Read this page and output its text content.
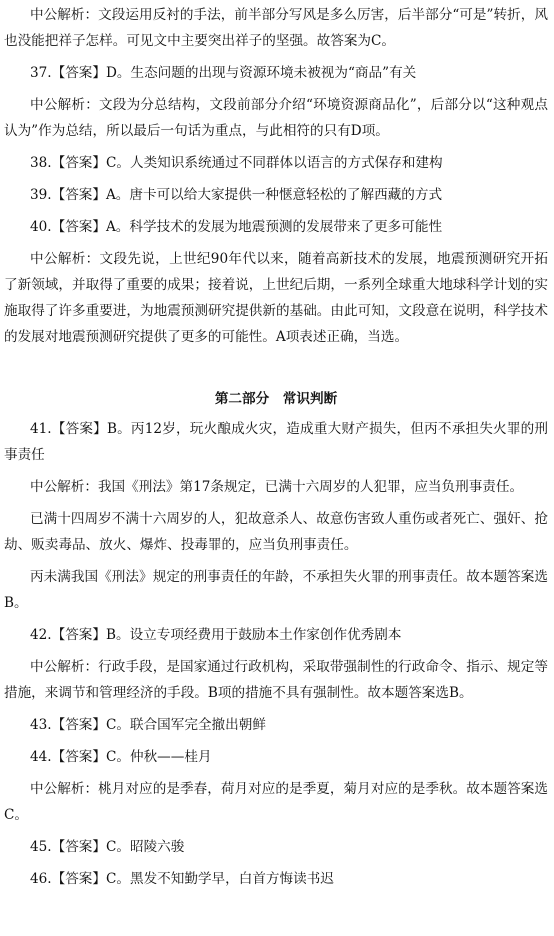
中公解析：文段运用反衬的手法，前半部分写风是多么厉害，后半部分“可是”转折，风也没能把祥子怎样。可见文中主要突出祥子的坚强。故答案为C。

37.【答案】D。生态问题的出现与资源环境未被视为“商品”有关

中公解析：文段为分总结构，文段前部分介绍“环境资源商品化”，后部分以“这种观点认为”作为总结，所以最后一句话为重点，与此相符的只有D项。

38.【答案】C。人类知识系统通过不同群体以语言的方式保存和建构

39.【答案】A。唐卡可以给大家提供一种惬意轻松的了解西藏的方式

40.【答案】A。科学技术的发展为地震预测的发展带来了更多可能性

中公解析：文段先说，上世纪90年代以来，随着高新技术的发展，地震预测研究开拓了新领域，并取得了重要的成果；接着说，上世纪后期，一系列全球重大地球科学计划的实施取得了许多重要进，为地震预测研究提供新的基础。由此可知，文段意在说明，科学技术的发展对地震预测研究提供了更多的可能性。A项表述正确，当选。

第二部分　常识判断

41.【答案】B。丙12岁，玩火酿成火灾，造成重大财产损失，但丙不承担失火罪的刑事责任

中公解析：我国《刑法》第17条规定，已满十六周岁的人犯罪，应当负刑事责任。

已满十四周岁不满十六周岁的人，犯故意杀人、故意伤害致人重伤或者死亡、强奸、抢劫、贩卖毒品、放火、爆炸、投毒罪的，应当负刑事责任。

丙未满我国《刑法》规定的刑事责任的年龄，不承担失火罪的刑事责任。故本题答案选B。

42.【答案】B。设立专项经费用于鼓励本土作家创作优秀剧本

中公解析：行政手段，是国家通过行政机构，采取带强制性的行政命令、指示、规定等措施，来调节和管理经济的手段。B项的措施不具有强制性。故本题答案选B。

43.【答案】C。联合国军完全撤出朝鲜

44.【答案】C。仲秋——桂月

中公解析：桃月对应的是季春，荷月对应的是季夏，菊月对应的是季秋。故本题答案选C。

45.【答案】C。昭陵六骏

46.【答案】C。黑发不知勤学早，白首方悔读书迟
